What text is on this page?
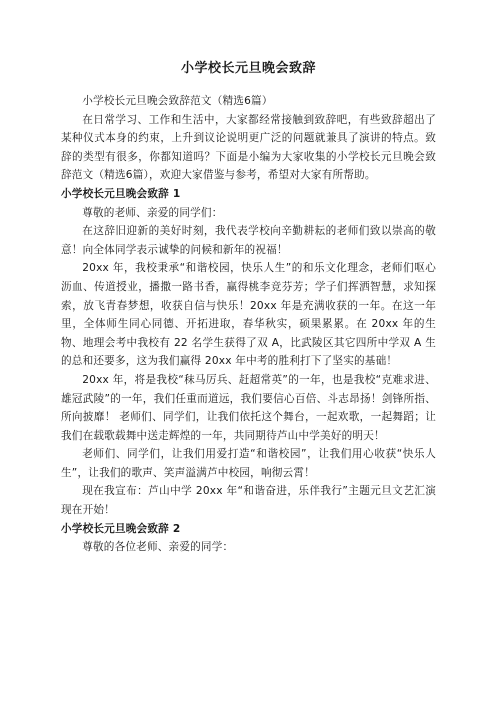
小学校长元旦晚会致辞

小学校长元旦晚会致辞范文（精选6篇）

在日常学习、工作和生活中，大家都经常接触到致辞吧，有些致辞超出了某种仪式本身的约束，上升到议论说明更广泛的问题就兼具了演讲的特点。致辞的类型有很多，你都知道吗？下面是小编为大家收集的小学校长元旦晚会致辞范文（精选6篇），欢迎大家借鉴与参考，希望对大家有所帮助。

小学校长元旦晚会致辞 1

尊敬的老师、亲爱的同学们：

在这辞旧迎新的美好时刻，我代表学校向辛勤耕耘的老师们致以崇高的敬意！向全体同学表示诚挚的问候和新年的祝福！

20xx 年，我校秉承“和谐校园，快乐人生”的和乐文化理念，老师们呕心沥血、传道授业，播撒一路书香，赢得桃李竞芬芳；学子们挥洒智慧，求知探索，放飞青春梦想，收获自信与快乐！20xx 年是充满收获的一年。在这一年里，全体师生同心同德、开拓进取，春华秋实，硕果累累。在 20xx 年的生物、地理会考中我校有 22 名学生获得了双 A，比武陵区其它四所中学双 A 生的总和还要多，这为我们赢得 20xx 年中考的胜利打下了坚实的基础！

20xx 年，将是我校“秣马厉兵、赶超常英”的一年，也是我校“克难求进、雄冠武陵”的一年，我们任重而道远，我们要信心百倍、斗志昂扬！剑锋所指、所向披靡！ 老师们、同学们，让我们依托这个舞台，一起欢歌，一起舞蹈；让我们在载歌载舞中送走辉煌的一年，共同期待芦山中学美好的明天！

老师们、同学们，让我们用爱打造“和谐校园”，让我们用心收获“快乐人生”，让我们的歌声、笑声溢满芦中校园，响彻云霄！

现在我宣布：芦山中学 20xx 年“和谐奋进，乐伴我行”主题元旦文艺汇演现在开始！

小学校长元旦晚会致辞 2

尊敬的各位老师、亲爱的同学：
